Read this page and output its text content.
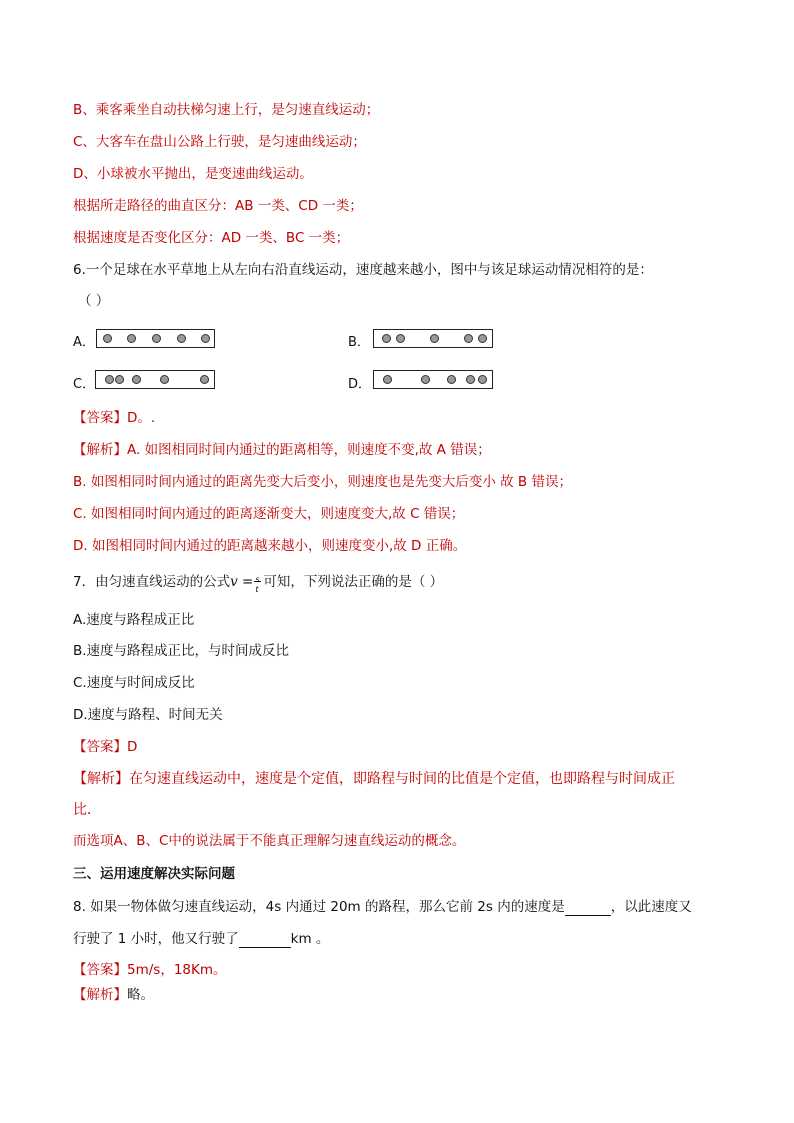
B、乘客乘坐自动扶梯匀速上行，是匀速直线运动；
C、大客车在盘山公路上行驶，是匀速曲线运动；
D、小球被水平抛出，是变速曲线运动。
根据所走路径的曲直区分：AB 一类、CD 一类；
根据速度是否变化区分：AD 一类、BC 一类；
6.一个足球在水平草地上从左向右沿直线运动，速度越来越小，图中与该足球运动情况相符的是：
（ ）
A．	B．
C．	D．
【答案】D。.
【解析】A. 如图相同时间内通过的距离相等，则速度不变,故 A 错误；
B. 如图相同时间内通过的距离先变大后变小，则速度也是先变大后变小 故 B 错误；
C. 如图相同时间内通过的距离逐渐变大，则速度变大,故 C 错误；
D. 如图相同时间内通过的距离越来越小，则速度变小,故 D 正确。
7．由匀速直线运动的公式v = s
t 可知，下列说法正确的是（ ）
A.速度与路程成正比
B.速度与路程成正比，与时间成反比
C.速度与时间成反比
D.速度与路程、时间无关
【答案】D
【解析】在匀速直线运动中，速度是个定值，即路程与时间的比值是个定值，也即路程与时间成正
比．
而选项A、B、C中的说法属于不能真正理解匀速直线运动的概念。
三、运用速度解决实际问题
8. 如果一物体做匀速直线运动，4s 内通过 20m 的路程，那么它前 2s 内的速度是	，以此速度又
行驶了 1 小时，他又行驶了	km 。
【答案】5m/s，18Km。
【解析】略。
